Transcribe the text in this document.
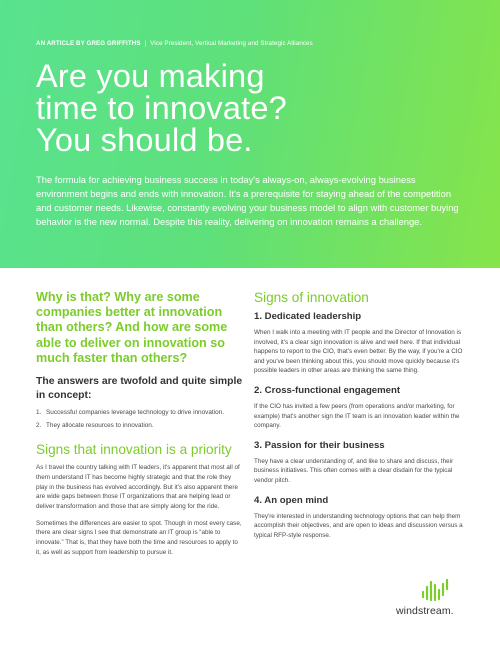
AN ARTICLE BY GREG GRIFFITHS | Vice President, Vertical Marketing and Strategic Alliances
Are you making
time to innovate?
You should be.
The formula for achieving business success in today's always-on, always-evolving business environment begins and ends with innovation. It's a prerequisite for staying ahead of the competition and customer needs. Likewise, constantly evolving your business model to align with customer buying behavior is the new normal. Despite this reality, delivering on innovation remains a challenge.

Why is that? Why are some companies better at innovation than others? And how are some able to deliver on innovation so much faster than others?

The answers are twofold and quite simple in concept:

1. Successful companies leverage technology to drive innovation.
2. They allocate resources to innovation.

Signs that innovation is a priority

As I travel the country talking with IT leaders, it's apparent that most all of them understand IT has become highly strategic and that the role they play in the business has evolved accordingly. But it's also apparent there are wide gaps between those IT organizations that are helping lead or deliver transformation and those that are simply along for the ride.

Sometimes the differences are easier to spot. Though in most every case, there are clear signs I see that demonstrate an IT group is “able to innovate.” That is, that they have both the time and resources to apply to it, as well as support from leadership to pursue it.

Signs of innovation

1. Dedicated leadership

When I walk into a meeting with IT people and the Director of Innovation is involved, it's a clear sign innovation is alive and well here. If that individual happens to report to the CIO, that's even better. By the way, if you're a CIO and you've been thinking about this, you should move quickly because it's possible leaders in other areas are thinking the same thing.

2. Cross-functional engagement

If the CIO has invited a few peers (from operations and/or marketing, for example) that's another sign the IT team is an innovation leader within the company.

3. Passion for their business

They have a clear understanding of, and like to share and discuss, their business initiatives. This often comes with a clear disdain for the typical vendor pitch.

4. An open mind

They're interested in understanding technology options that can help them accomplish their objectives, and are open to ideas and discussion versus a typical RFP-style response.

windstream.
